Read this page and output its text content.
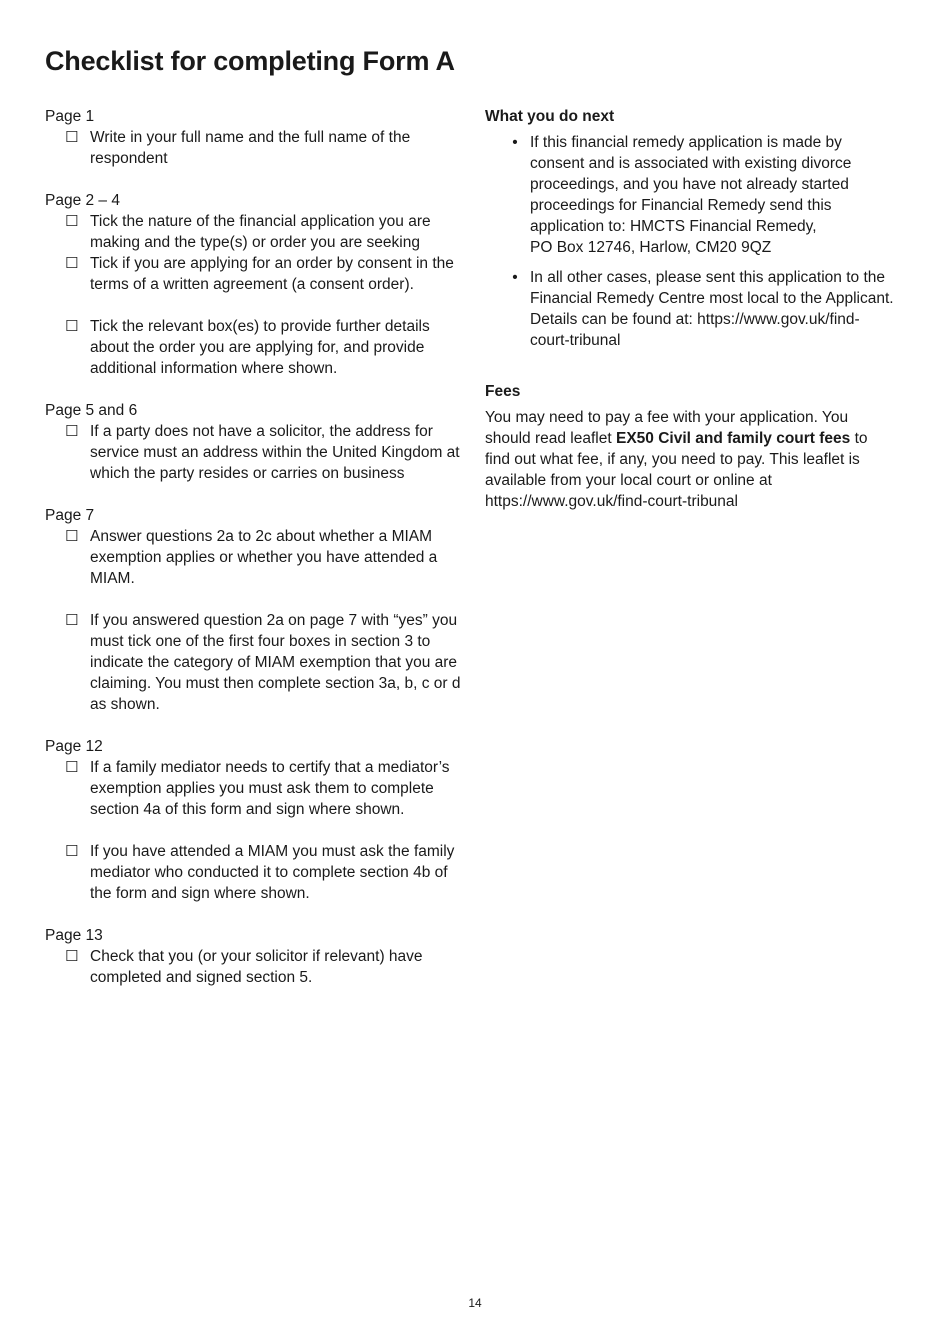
Checklist for completing Form A
Page 1
☐ Write in your full name and the full name of the respondent
Page 2 – 4
☐ Tick the nature of the financial application you are making and the type(s) or order you are seeking
☐ Tick if you are applying for an order by consent in the terms of a written agreement (a consent order).
☐ Tick the relevant box(es) to provide further details about the order you are applying for, and provide additional information where shown.
Page 5 and 6
☐ If a party does not have a solicitor, the address for service must an address within the United Kingdom at which the party resides or carries on business
Page 7
☐ Answer questions 2a to 2c about whether a MIAM exemption applies or whether you have attended a MIAM.
☐ If you answered question 2a on page 7 with “yes” you must tick one of the first four boxes in section 3 to indicate the category of MIAM exemption that you are claiming. You must then complete section 3a, b, c or d as shown.
Page 12
☐ If a family mediator needs to certify that a mediator’s exemption applies you must ask them to complete section 4a of this form and sign where shown.
☐ If you have attended a MIAM you must ask the family mediator who conducted it to complete section 4b of the form and sign where shown.
Page 13
☐ Check that you (or your solicitor if relevant) have completed and signed section 5.
What you do next
• If this financial remedy application is made by consent and is associated with existing divorce proceedings, and you have not already started proceedings for Financial Remedy send this application to: HMCTS Financial Remedy,
PO Box 12746, Harlow, CM20 9QZ
• In all other cases, please sent this application to the Financial Remedy Centre most local to the Applicant. Details can be found at: https://www.gov.uk/find-court-tribunal
Fees
You may need to pay a fee with your application. You should read leaflet EX50 Civil and family court fees to find out what fee, if any, you need to pay. This leaflet is available from your local court or online at https://www.gov.uk/find-court-tribunal
14
